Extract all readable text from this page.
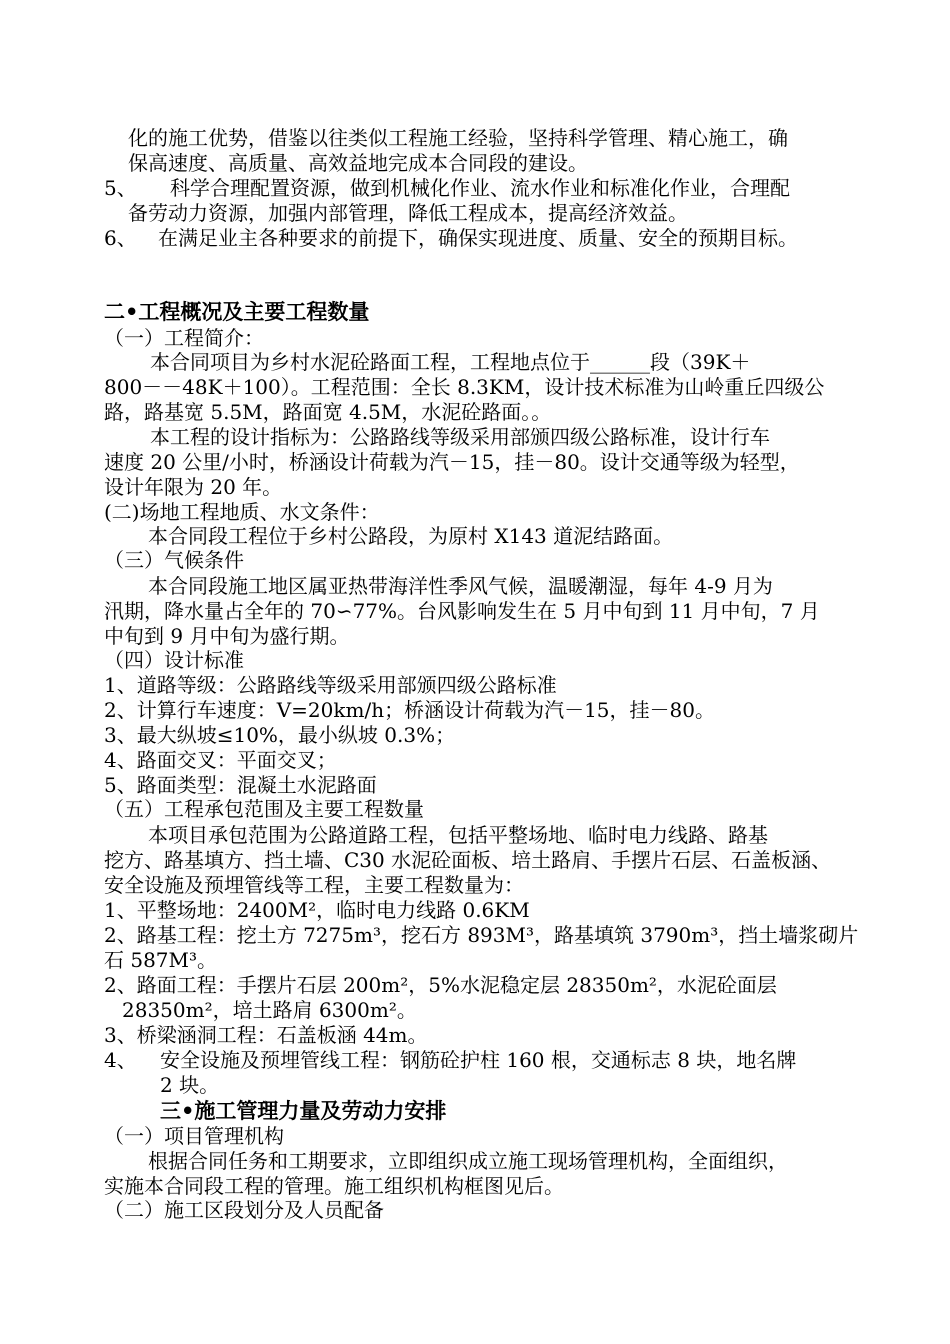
化的施工优势，借鉴以往类似工程施工经验，坚持科学管理、精心施工，确
保高速度、高质量、高效益地完成本合同段的建设。
5、 科学合理配置资源，做到机械化作业、流水作业和标准化作业，合理配
备劳动力资源，加强内部管理，降低工程成本，提高经济效益。
6、 在满足业主各种要求的前提下，确保实现进度、质量、安全的预期目标。
二•工程概况及主要工程数量
（一）工程简介：
本合同项目为乡村水泥砼路面工程，工程地点位于______段（39K＋
800－－48K＋100）。工程范围：全长 8.3KM，设计技术标准为山岭重丘四级公
路，路基宽 5.5M，路面宽 4.5M，水泥砼路面。。
本工程的设计指标为：公路路线等级采用部颁四级公路标准，设计行车
速度 20 公里/小时，桥涵设计荷载为汽－15，挂－80。设计交通等级为轻型，
设计年限为 20 年。
(二)场地工程地质、水文条件：
本合同段工程位于乡村公路段，为原村 X143 道泥结路面。
（三）气候条件
本合同段施工地区属亚热带海洋性季风气候，温暖潮湿，每年 4-9 月为
汛期，降水量占全年的 70∽77%。台风影响发生在 5 月中旬到 11 月中旬，7 月
中旬到 9 月中旬为盛行期。
（四）设计标准
1、道路等级：公路路线等级采用部颁四级公路标准
2、计算行车速度：V=20km/h；桥涵设计荷载为汽－15，挂－80。
3、最大纵坡≤10%，最小纵坡 0.3%；
4、路面交叉：平面交叉；
5、路面类型：混凝土水泥路面
（五）工程承包范围及主要工程数量
本项目承包范围为公路道路工程，包括平整场地、临时电力线路、路基
挖方、路基填方、挡土墙、C30 水泥砼面板、培土路肩、手摆片石层、石盖板涵、
安全设施及预埋管线等工程，主要工程数量为：
1、平整场地：2400M²，临时电力线路 0.6KM
2、路基工程：挖土方 7275m³，挖石方 893M³，路基填筑 3790m³，挡土墙浆砌片
石 587M³。
2、路面工程：手摆片石层 200m²，5%水泥稳定层 28350m²，水泥砼面层
28350m²，培土路肩 6300m²。
3、桥梁涵洞工程：石盖板涵 44m。
4、 安全设施及预埋管线工程：钢筋砼护柱 160 根，交通标志 8 块，地名牌
2 块。
三•施工管理力量及劳动力安排
（一）项目管理机构
根据合同任务和工期要求，立即组织成立施工现场管理机构，全面组织，
实施本合同段工程的管理。施工组织机构框图见后。
（二）施工区段划分及人员配备
